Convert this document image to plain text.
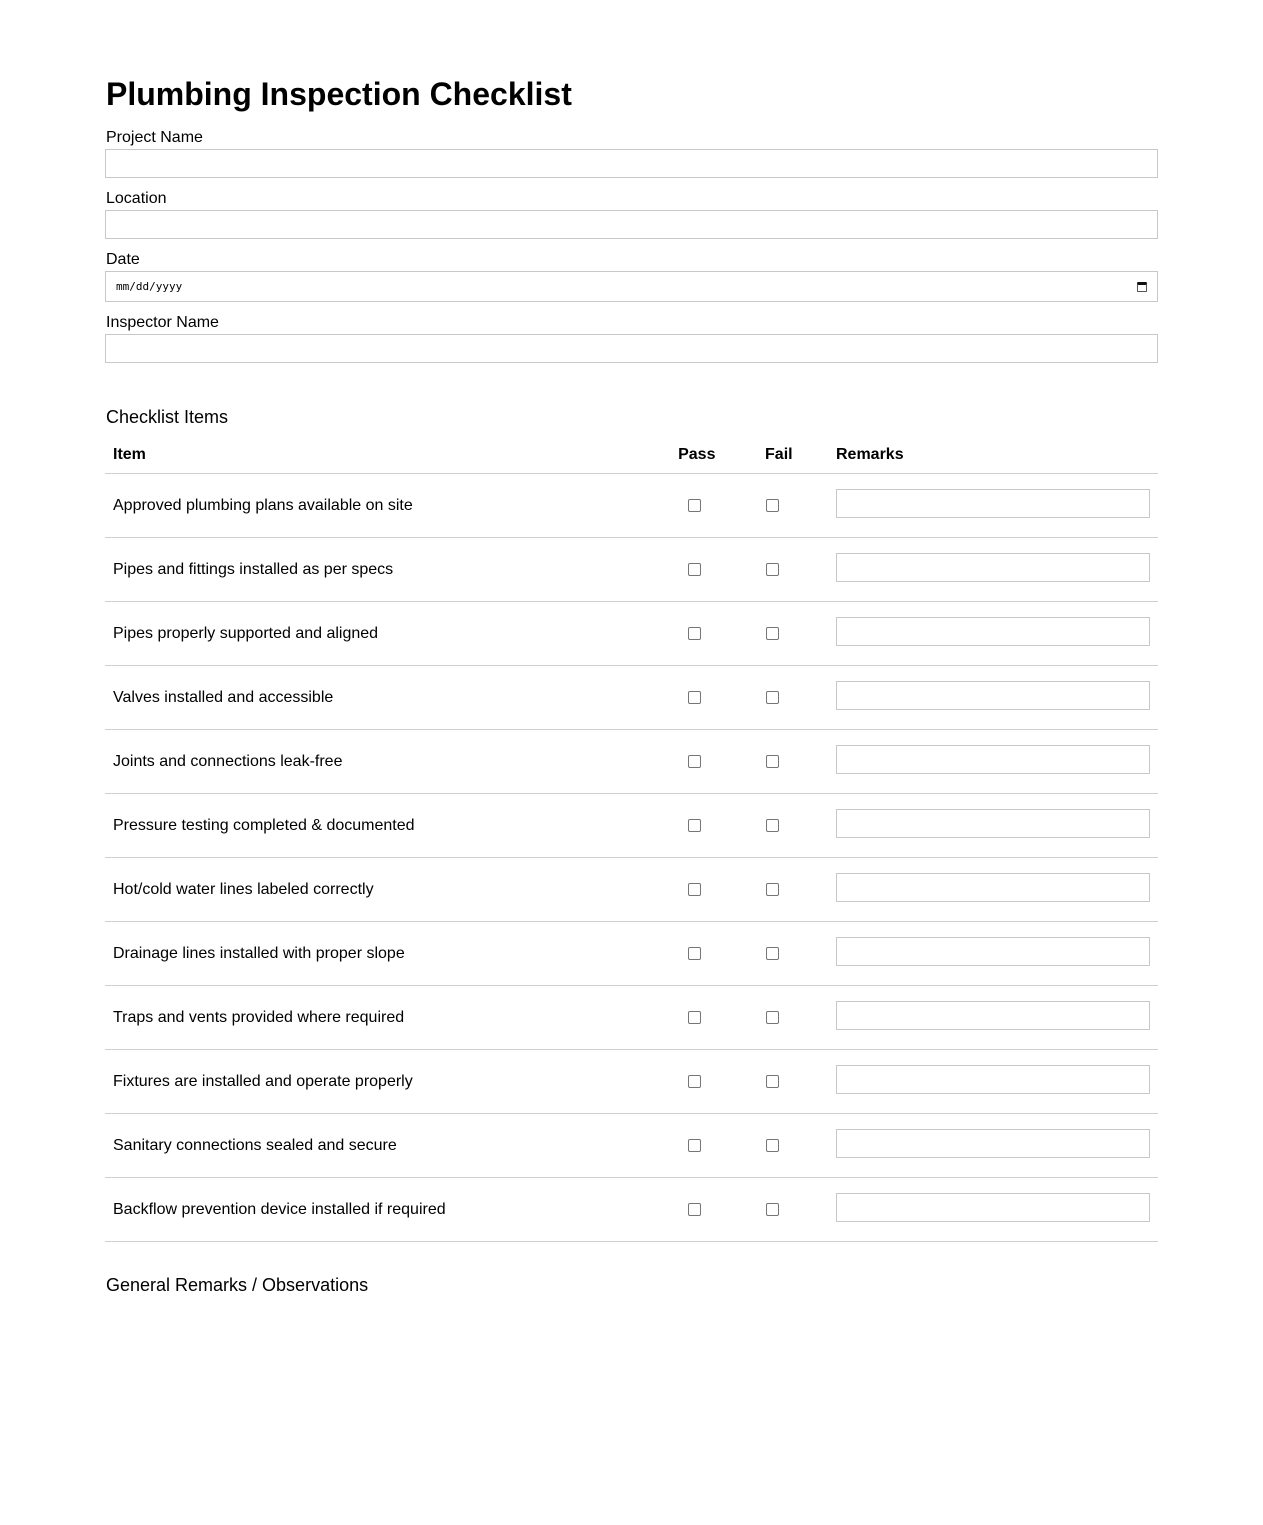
Plumbing Inspection Checklist
Project Name
Location
Date
mm/dd/yyyy
Inspector Name
Checklist Items
Item	Pass	Fail	Remarks
Approved plumbing plans available on site			

Pipes and fittings installed as per specs			

Pipes properly supported and aligned			

Valves installed and accessible			

Joints and connections leak-free			

Pressure testing completed & documented			

Hot/cold water lines labeled correctly			

Drainage lines installed with proper slope			

Traps and vents provided where required			

Fixtures are installed and operate properly			

Sanitary connections sealed and secure			

Backflow prevention device installed if required			
General Remarks / Observations
